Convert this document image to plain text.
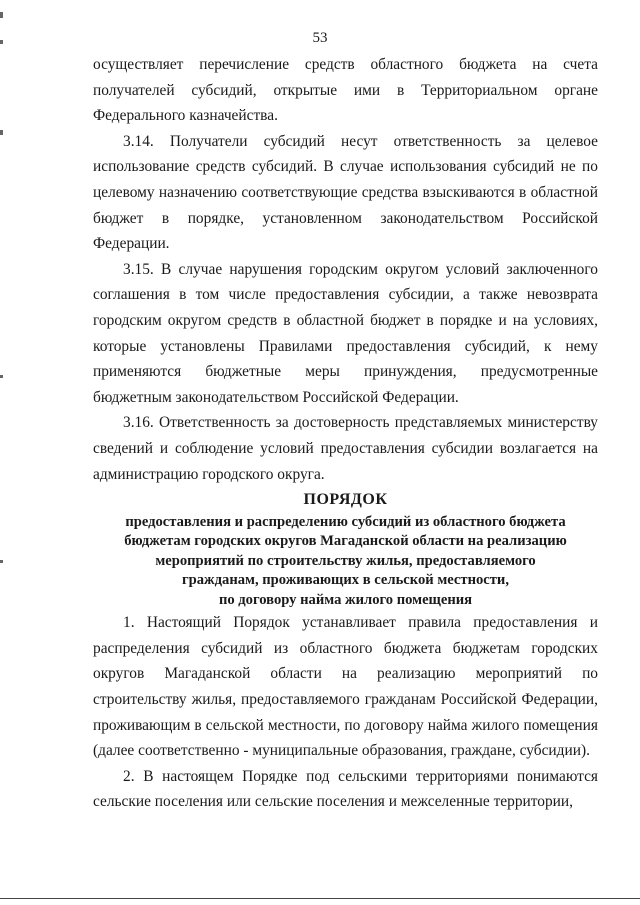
53

осуществляет перечисление средств областного бюджета на счета получателей субсидий, открытые ими в Территориальном органе Федерального казначейства.

3.14. Получатели субсидий несут ответственность за целевое использование средств субсидий. В случае использования субсидий не по целевому назначению соответствующие средства взыскиваются в областной бюджет в порядке, установленном законодательством Российской Федерации.

3.15. В случае нарушения городским округом условий заключенного соглашения в том числе предоставления субсидии, а также невозврата городским округом средств в областной бюджет в порядке и на условиях, которые установлены Правилами предоставления субсидий, к нему применяются бюджетные меры принуждения, предусмотренные бюджетным законодательством Российской Федерации.

3.16. Ответственность за достоверность представляемых министерству сведений и соблюдение условий предоставления субсидии возлагается на администрацию городского округа.

ПОРЯДОК

предоставления и распределению субсидий из областного бюджета

бюджетам городских округов Магаданской области на реализацию

мероприятий по строительству жилья, предоставляемого

гражданам, проживающих в сельской местности,

по договору найма жилого помещения

1. Настоящий Порядок устанавливает правила предоставления и распределения субсидий из областного бюджета бюджетам городских округов Магаданской области на реализацию мероприятий по строительству жилья, предоставляемого гражданам Российской Федерации, проживающим в сельской местности, по договору найма жилого помещения (далее соответственно - муниципальные образования, граждане, субсидии).

2. В настоящем Порядке под сельскими территориями понимаются сельские поселения или сельские поселения и межселенные территории,
